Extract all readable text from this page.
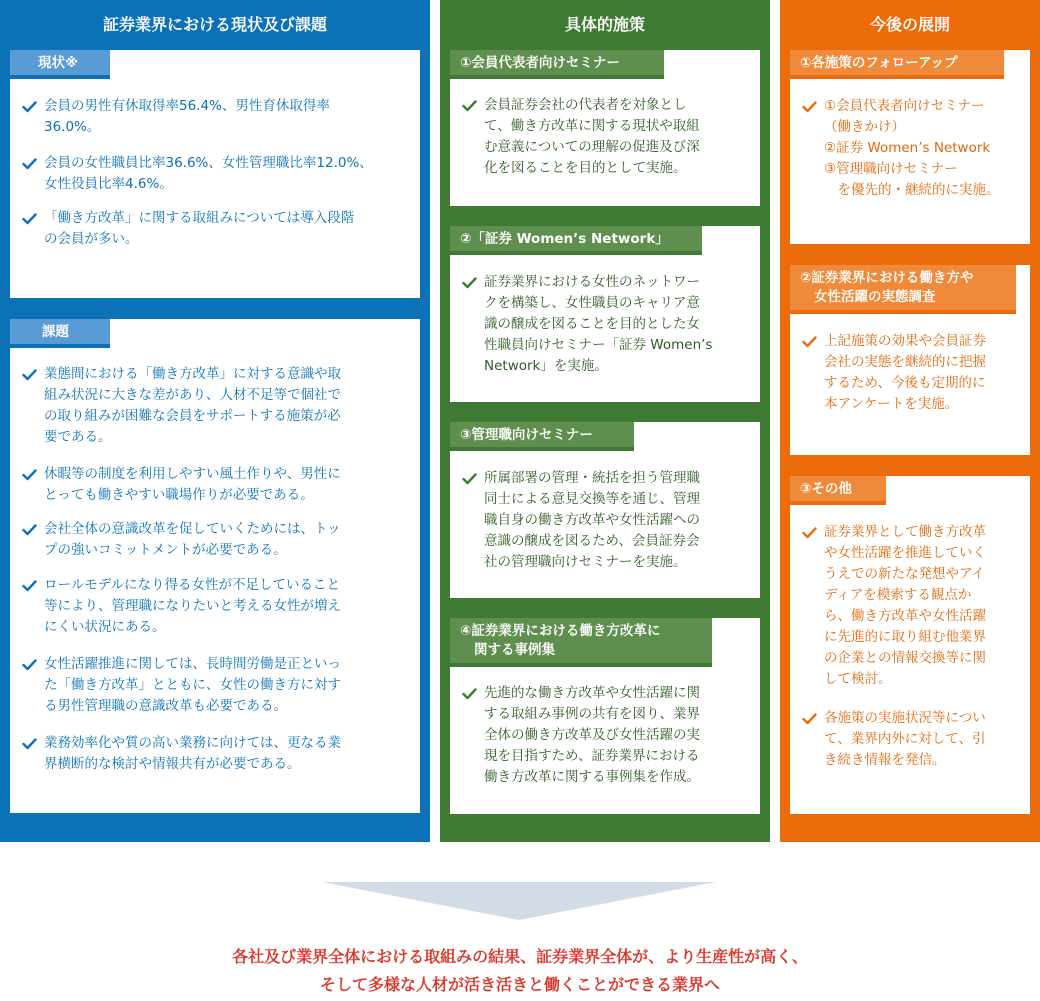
証券業界における現状及び課題
現状※
会員の男性有休取得率56.4%、男性育休取得率
36.0%。
会員の女性職員比率36.6%、女性管理職比率12.0%、
女性役員比率4.6%。
「働き方改革」に関する取組みについては導入段階
の会員が多い。
課題
業態間における「働き方改革」に対する意識や取
組み状況に大きな差があり、人材不足等で個社で
の取り組みが困難な会員をサポートする施策が必
要である。
休暇等の制度を利用しやすい風土作りや、男性に
とっても働きやすい職場作りが必要である。
会社全体の意識改革を促していくためには、トッ
プの強いコミットメントが必要である。
ロールモデルになり得る女性が不足していること
等により、管理職になりたいと考える女性が増え
にくい状況にある。
女性活躍推進に関しては、長時間労働是正といっ
た「働き方改革」とともに、女性の働き方に対す
る男性管理職の意識改革も必要である。
業務効率化や質の高い業務に向けては、更なる業
界横断的な検討や情報共有が必要である。
具体的施策
①会員代表者向けセミナー
会員証券会社の代表者を対象とし
て、働き方改革に関する現状や取組
む意義についての理解の促進及び深
化を図ることを目的として実施。
②「証券 Women’s Network」
証券業界における女性のネットワー
クを構築し、女性職員のキャリア意
識の醸成を図ることを目的とした女
性職員向けセミナー「証券 Women’s
Network」を実施。
③管理職向けセミナー
所属部署の管理・統括を担う管理職
同士による意見交換等を通じ、管理
職自身の働き方改革や女性活躍への
意識の醸成を図るため、会員証券会
社の管理職向けセミナーを実施。
④証券業界における働き方改革に
関する事例集
先進的な働き方改革や女性活躍に関
する取組み事例の共有を図り、業界
全体の働き方改革及び女性活躍の実
現を目指すため、証券業界における
働き方改革に関する事例集を作成。
今後の展開
①各施策のフォローアップ
①会員代表者向けセミナー
（働きかけ）
②証券 Women’s Network
③管理職向けセミナー
　を優先的・継続的に実施。
②証券業界における働き方や
女性活躍の実態調査
上記施策の効果や会員証券
会社の実態を継続的に把握
するため、今後も定期的に
本アンケートを実施。
③その他
証券業界として働き方改革
や女性活躍を推進していく
うえでの新たな発想やアイ
ディアを模索する観点か
ら、働き方改革や女性活躍
に先進的に取り組む他業界
の企業との情報交換等に関
して検討。
各施策の実施状況等につい
て、業界内外に対して、引
き続き情報を発信。
各社及び業界全体における取組みの結果、証券業界全体が、より生産性が高く、
そして多様な人材が活き活きと働くことができる業界へ
